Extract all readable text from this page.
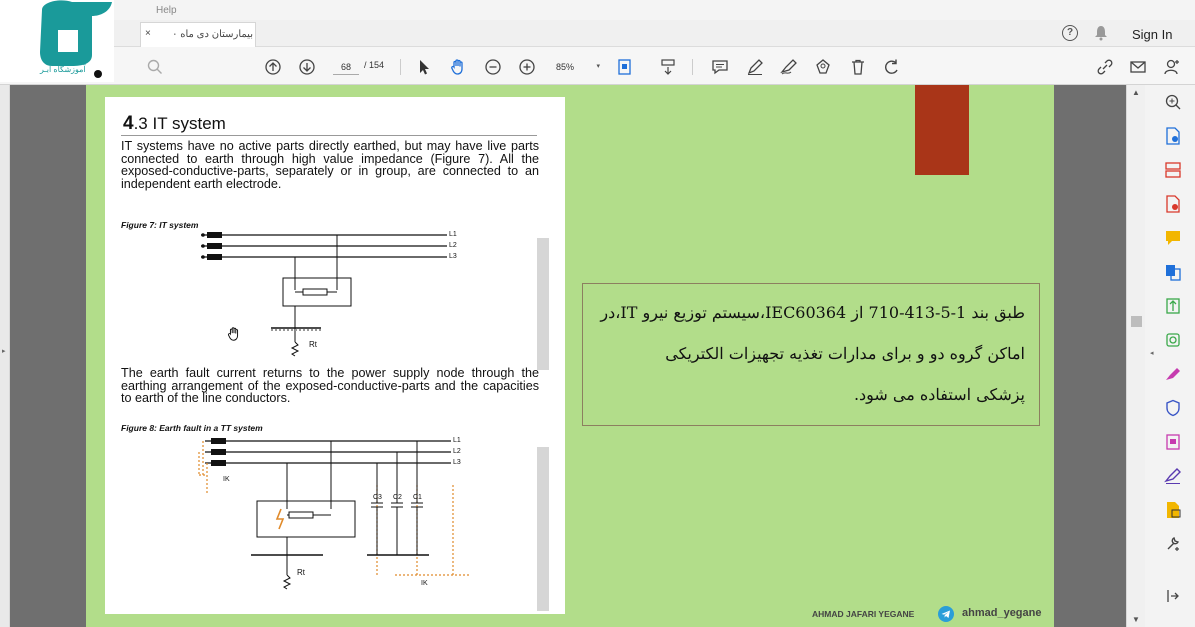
Help
×	بیمارستان دی ماه ۰	?	Sign In
68	/ 154	85%	▾
آموزشگاه ابـر
▸
4.3 IT system
IT systems have no active parts directly earthed, but may have live parts connected to earth through high value impedance (Figure 7). All the exposed-conductive-parts, separately or in group, are connected to an independent earth electrode.
Figure 7: IT system
L1
L2
L3
Rt
The earth fault current returns to the power supply node through the earthing arrangement of the exposed-conductive-parts and the capacities to earth of the line conductors.
Figure 8: Earth fault in a TT system
L1
L2
L3
IK
C3 C2 C1
Rt
IK
طبق بند 1-5-413-710 از IEC60364،سیستم توزیع نیرو IT،در
اماکن گروه دو و برای مدارات تغذیه تجهیزات الکتریکی
پزشکی استفاده می شود.
AHMAD JAFARI YEGANE	ahmad_yegane
▲
▼
◂
